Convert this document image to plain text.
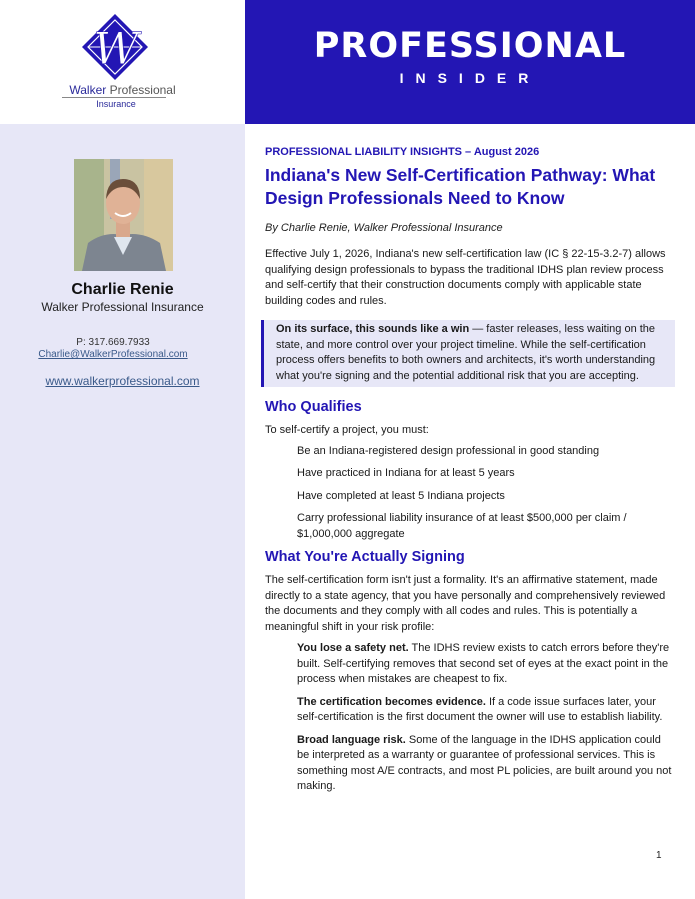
W
Walker Professional
Insurance
PROFESSIONAL
INSIDER
Charlie Renie
Walker Professional Insurance
P: 317.669.7933
Charlie@WalkerProfessional.com
www.walkerprofessional.com
PROFESSIONAL LIABILITY INSIGHTS – August 2026
Indiana's New Self-Certification Pathway: What Design Professionals Need to Know
By Charlie Renie, Walker Professional Insurance

Effective July 1, 2026, Indiana's new self-certification law (IC § 22-15-3.2-7) allows qualifying design professionals to bypass the traditional IDHS plan review process and self-certify that their construction documents comply with applicable state building codes and rules.

On its surface, this sounds like a win — faster releases, less waiting on the state, and more control over your project timeline. While the self-certification process offers benefits to both owners and architects, it's worth understanding what you're signing and the potential additional risk that you are accepting.
Who Qualifies

To self-certify a project, you must:

Be an Indiana-registered design professional in good standing
Have practiced in Indiana for at least 5 years
Have completed at least 5 Indiana projects
Carry professional liability insurance of at least $500,000 per claim / $1,000,000 aggregate
What You're Actually Signing

The self-certification form isn't just a formality. It's an affirmative statement, made directly to a state agency, that you have personally and comprehensively reviewed the documents and they comply with all codes and rules. This is potentially a meaningful shift in your risk profile:

You lose a safety net. The IDHS review exists to catch errors before they're built. Self-certifying removes that second set of eyes at the exact point in the process when mistakes are cheapest to fix.
The certification becomes evidence. If a code issue surfaces later, your self-certification is the first document the owner will use to establish liability.
Broad language risk. Some of the language in the IDHS application could be interpreted as a warranty or guarantee of professional services. This is something most A/E contracts, and most PL policies, are built around you not making.
1
